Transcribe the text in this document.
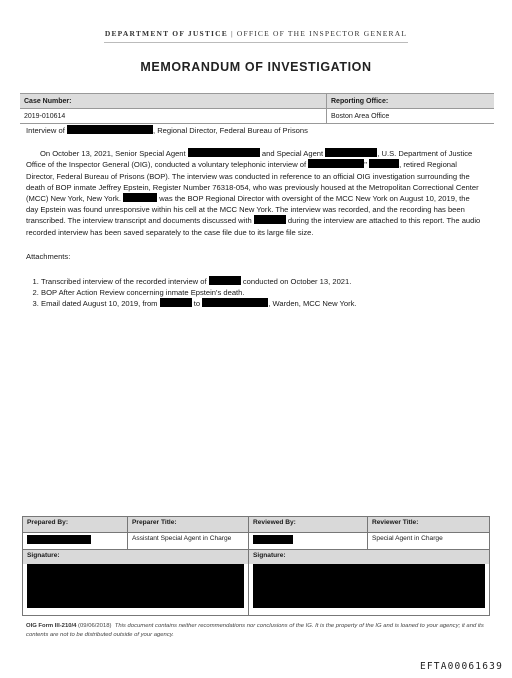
DEPARTMENT OF JUSTICE | OFFICE OF THE INSPECTOR GENERAL
MEMORANDUM OF INVESTIGATION
Case Number:	Reporting Office:
2019-010614	Boston Area Office

Interview of	, Regional Director, Federal Bureau of Prisons

On October 13, 2021, Senior Special Agent	and Special Agent	, U.S. Department of Justice Office of the Inspector General (OIG), conducted a voluntary telephonic interview of	"	, retired Regional Director, Federal Bureau of Prisons (BOP). The interview was conducted in reference to an official OIG investigation surrounding the death of BOP inmate Jeffrey Epstein, Register Number 76318-054, who was previously housed at the Metropolitan Correctional Center (MCC) New York, New York.	was the BOP Regional Director with oversight of the MCC New York on August 10, 2019, the day Epstein was found unresponsive within his cell at the MCC New York. The interview was recorded, and the recording has been transcribed. The interview transcript and documents discussed with	during the interview are attached to this report. The audio recorded interview has been saved separately to the case file due to its large file size.

Attachments:

1. Transcribed interview of the recorded interview of	conducted on October 13, 2021.
2. BOP After Action Review concerning inmate Epstein's death.
3. Email dated August 10, 2019, from	to	, Warden, MCC New York.
Prepared By:	Preparer Title:	Reviewed By:	Reviewer Title:
	Assistant Special Agent in Charge		Special Agent in Charge
Signature:		Signature:	

OIG Form III-210/4 (09/06/2018) This document contains neither recommendations nor conclusions of the IG. It is the property of the IG and is loaned to your agency; it and its contents are not to be distributed outside of your agency.
EFTA00061639
